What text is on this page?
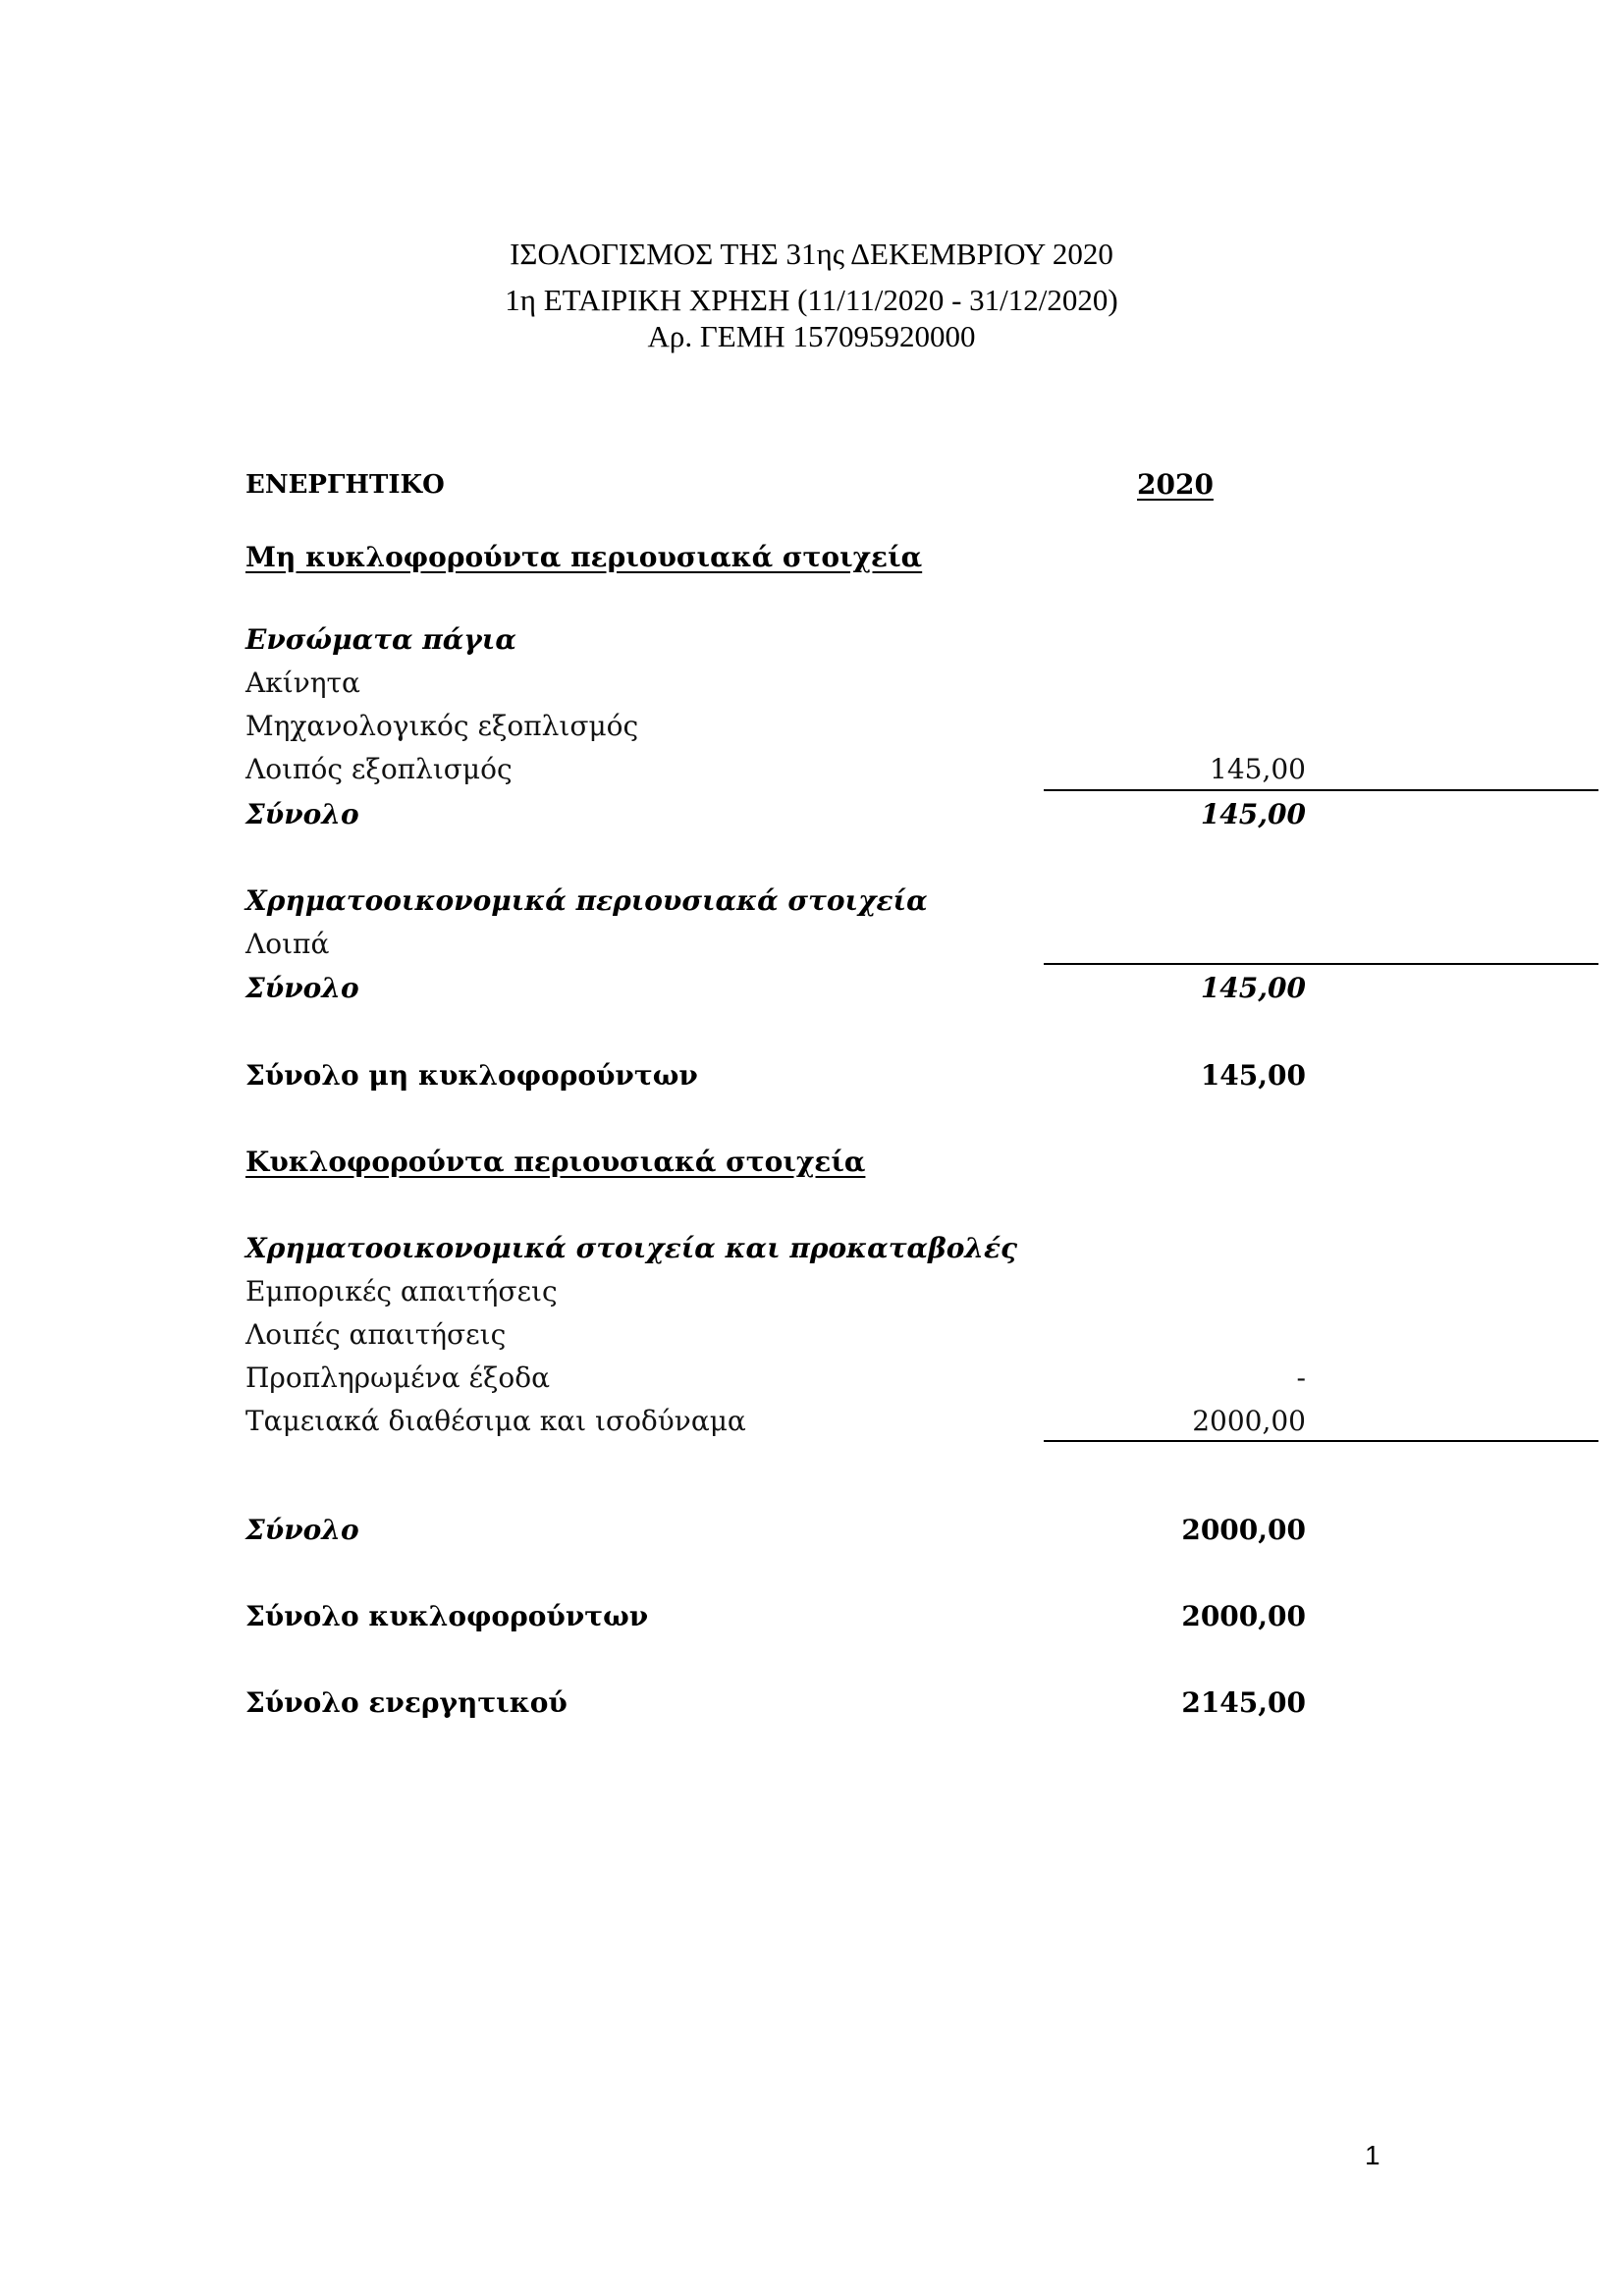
ΙΣΟΛΟΓΙΣΜΟΣ ΤΗΣ 31ης ΔΕΚΕΜΒΡΙΟΥ 2020
1η ΕΤΑΙΡΙΚΗ ΧΡΗΣΗ (11/11/2020 - 31/12/2020)
Αρ. ΓΕΜΗ 157095920000
ΕΝΕΡΓΗΤΙΚΟ	2020
Μη κυκλοφορούντα περιουσιακά στοιχεία
Ενσώματα πάγια
Ακίνητα
Μηχανολογικός εξοπλισμός
Λοιπός εξοπλισμός	145,00
Σύνολο	145,00
Χρηματοοικονομικά περιουσιακά στοιχεία
Λοιπά
Σύνολο	145,00
Σύνολο μη κυκλοφορούντων	145,00
Κυκλοφορούντα περιουσιακά στοιχεία
Χρηματοοικονομικά στοιχεία και προκαταβολές
Εμπορικές απαιτήσεις
Λοιπές απαιτήσεις
Προπληρωμένα έξοδα	-
Ταμειακά διαθέσιμα και ισοδύναμα	2000,00
Σύνολο	2000,00
Σύνολο κυκλοφορούντων	2000,00
Σύνολο ενεργητικού	2145,00
1
